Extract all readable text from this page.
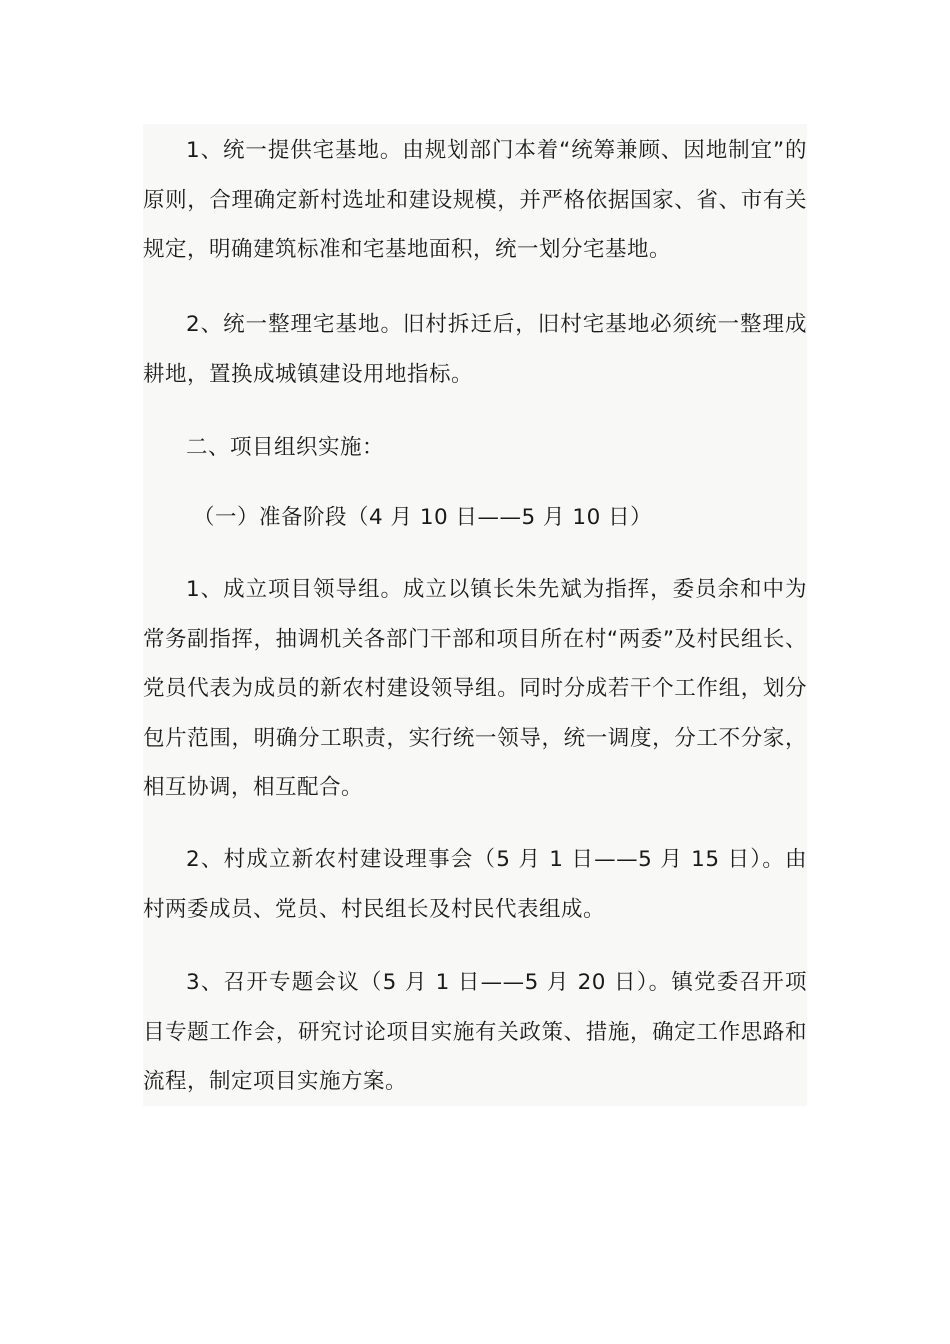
1、统一提供宅基地。由规划部门本着“统筹兼顾、因地制宜”的原则，合理确定新村选址和建设规模，并严格依据国家、省、市有关规定，明确建筑标准和宅基地面积，统一划分宅基地。

2、统一整理宅基地。旧村拆迁后，旧村宅基地必须统一整理成耕地，置换成城镇建设用地指标。

二、项目组织实施：

（一）准备阶段（4 月 10 日——5 月 10 日）

1、成立项目领导组。成立以镇长朱先斌为指挥，委员余和中为常务副指挥，抽调机关各部门干部和项目所在村“两委”及村民组长、党员代表为成员的新农村建设领导组。同时分成若干个工作组，划分包片范围，明确分工职责，实行统一领导，统一调度，分工不分家，相互协调，相互配合。

2、村成立新农村建设理事会（5 月 1 日——5 月 15 日）。由村两委成员、党员、村民组长及村民代表组成。

3、召开专题会议（5 月 1 日——5 月 20 日）。镇党委召开项目专题工作会，研究讨论项目实施有关政策、措施，确定工作思路和流程，制定项目实施方案。
